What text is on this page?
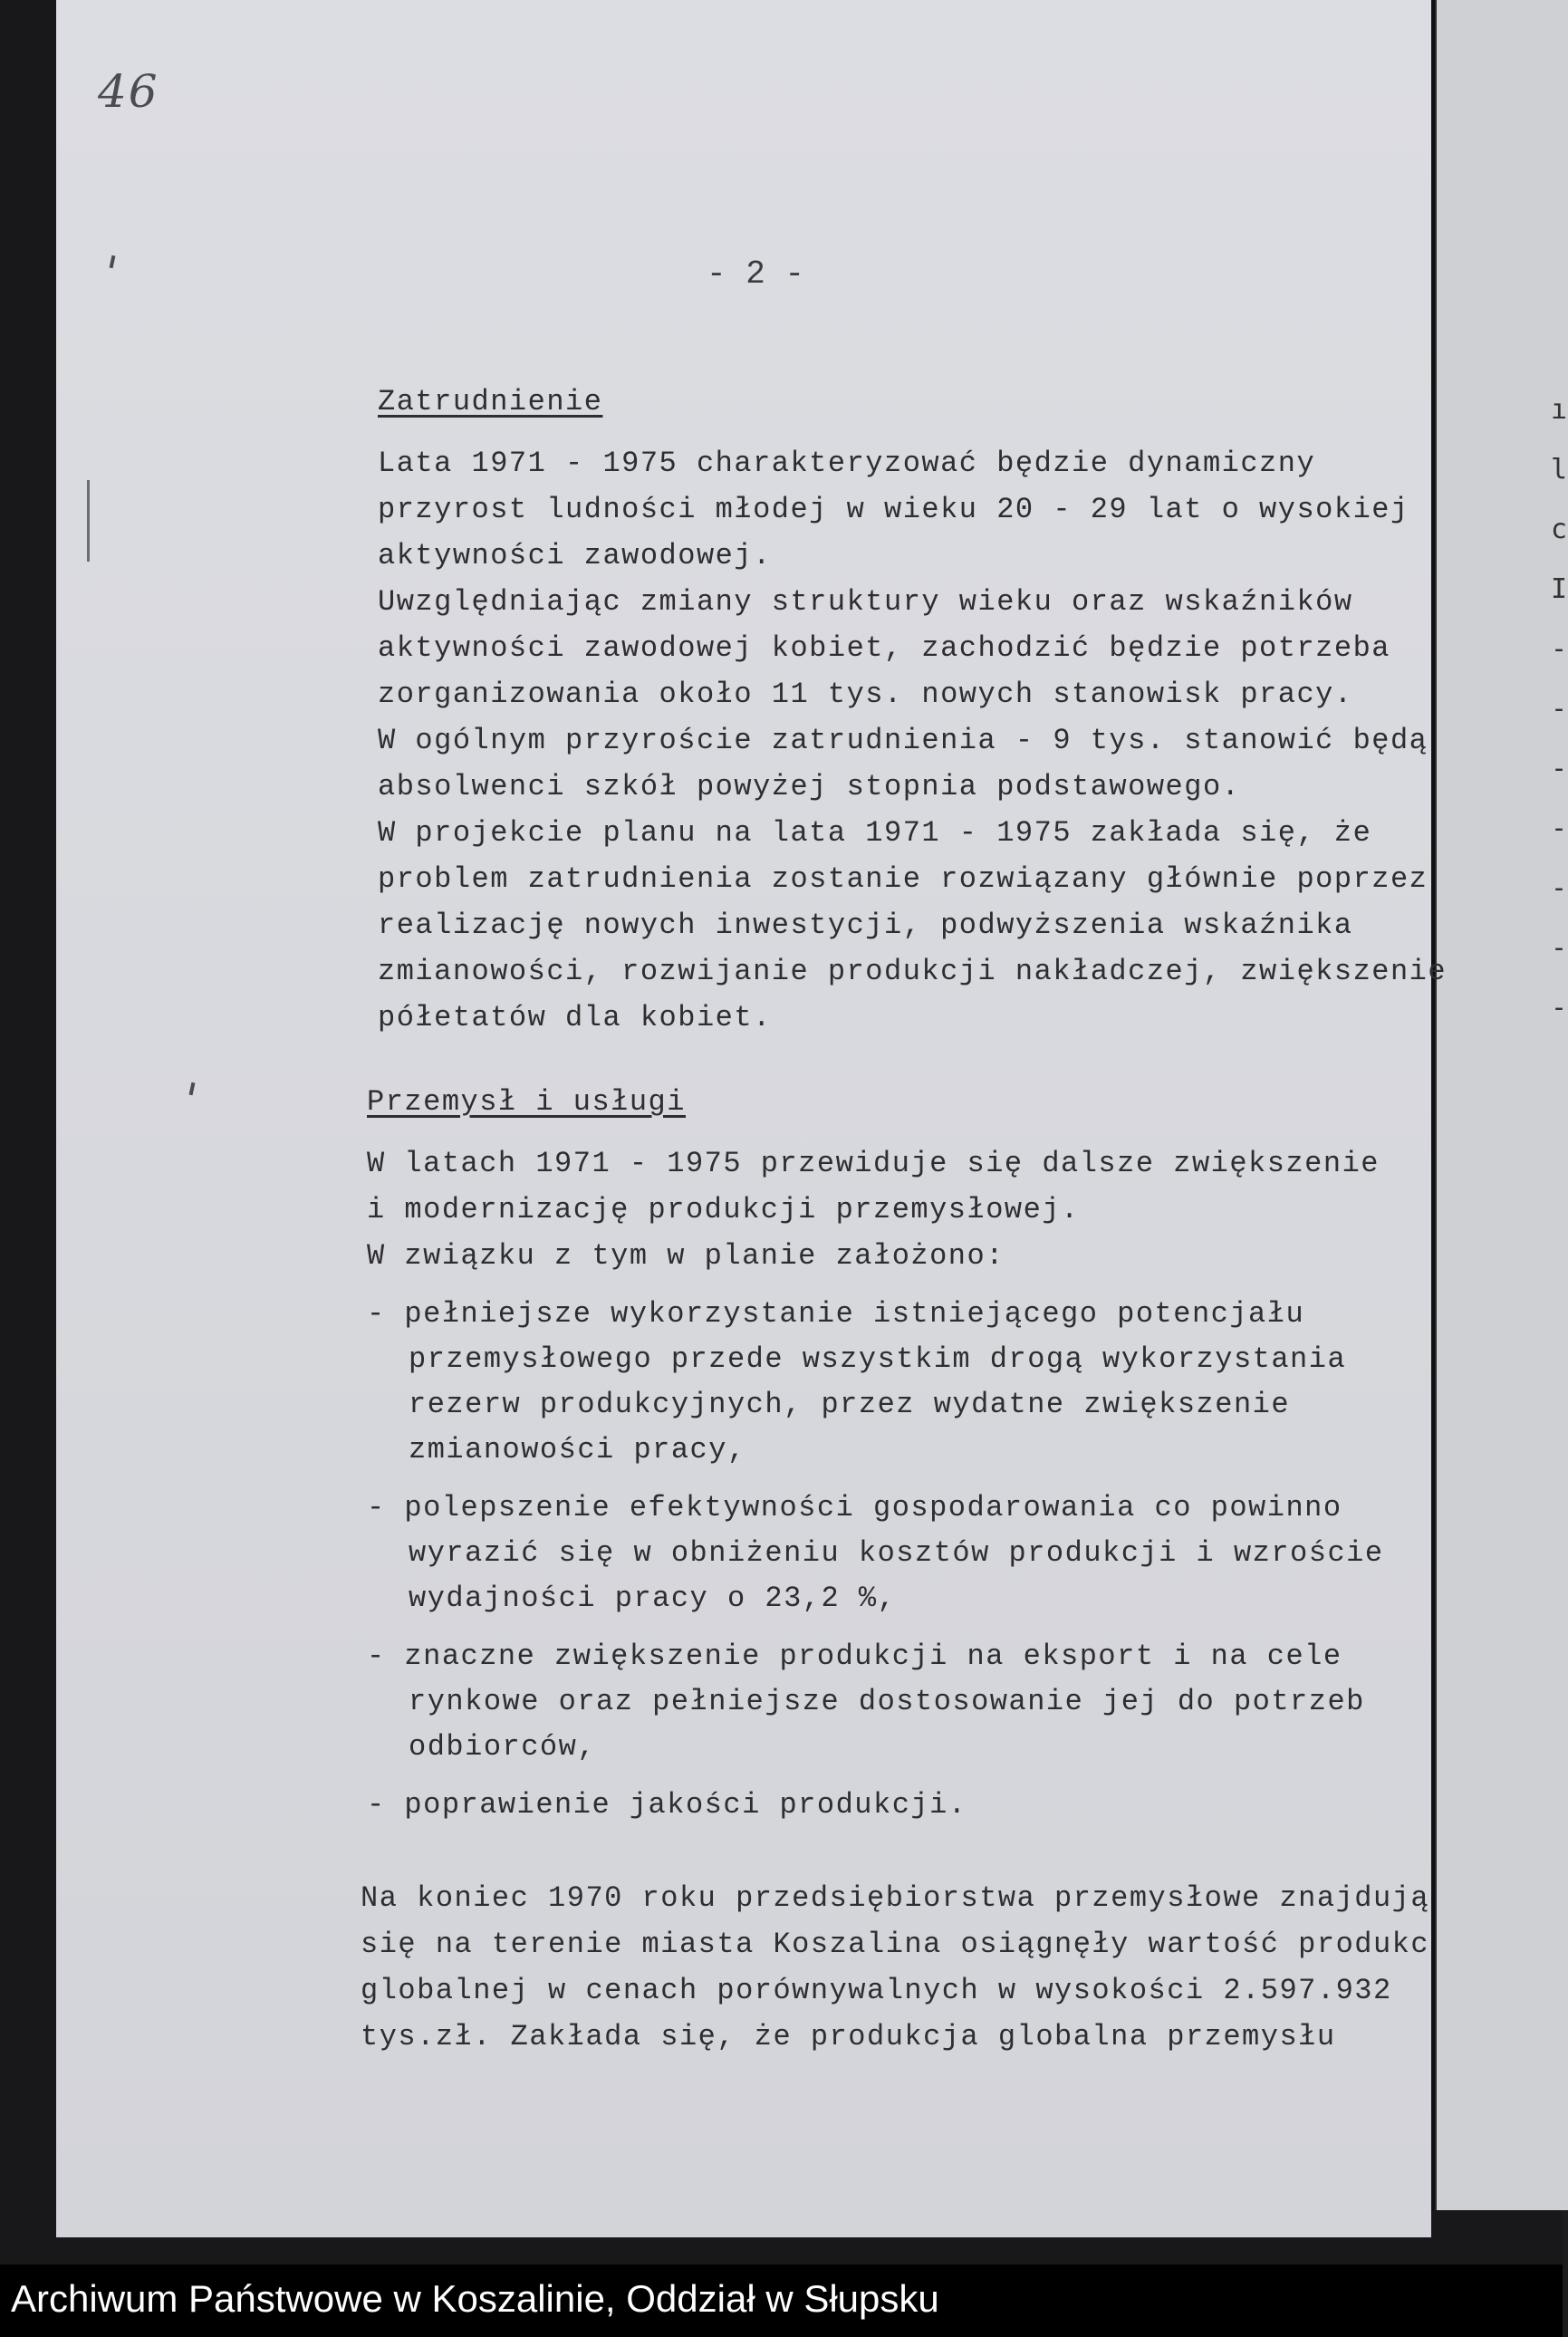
ı
l
c
I
-
-
-
-
-
-
-
46
- 2 -
Zatrudnienie
Lata 1971 - 1975 charakteryzować będzie dynamiczny
przyrost ludności młodej w wieku 20 - 29 lat o wysokiej
aktywności zawodowej.
Uwzględniając zmiany struktury wieku oraz wskaźników
aktywności zawodowej kobiet, zachodzić będzie potrzeba
zorganizowania około 11 tys. nowych stanowisk pracy.
W ogólnym przyroście zatrudnienia - 9 tys. stanowić będą
absolwenci szkół powyżej stopnia podstawowego.
W projekcie planu na lata 1971 - 1975 zakłada się, że
problem zatrudnienia zostanie rozwiązany głównie poprzez
realizację nowych inwestycji, podwyższenia wskaźnika
zmianowości, rozwijanie produkcji nakładczej, zwiększenie
półetatów dla kobiet.
Przemysł i usługi
W latach 1971 - 1975 przewiduje się dalsze zwiększenie
i modernizację produkcji przemysłowej.
W związku z tym w planie założono:
- pełniejsze wykorzystanie istniejącego potencjału
przemysłowego przede wszystkim drogą wykorzystania
rezerw produkcyjnych, przez wydatne zwiększenie
zmianowości pracy,
- polepszenie efektywności gospodarowania co powinno
wyrazić się w obniżeniu kosztów produkcji i wzroście
wydajności pracy o 23,2 %,
- znaczne zwiększenie produkcji na eksport i na cele
rynkowe oraz pełniejsze dostosowanie jej do potrzeb
odbiorców,
- poprawienie jakości produkcji.
Na koniec 1970 roku przedsiębiorstwa przemysłowe znajdują
się na terenie miasta Koszalina osiągnęły wartość produkc
globalnej w cenach porównywalnych w wysokości 2.597.932
tys.zł. Zakłada się, że produkcja globalna przemysłu
Archiwum Państwowe w Koszalinie, Oddział w Słupsku
